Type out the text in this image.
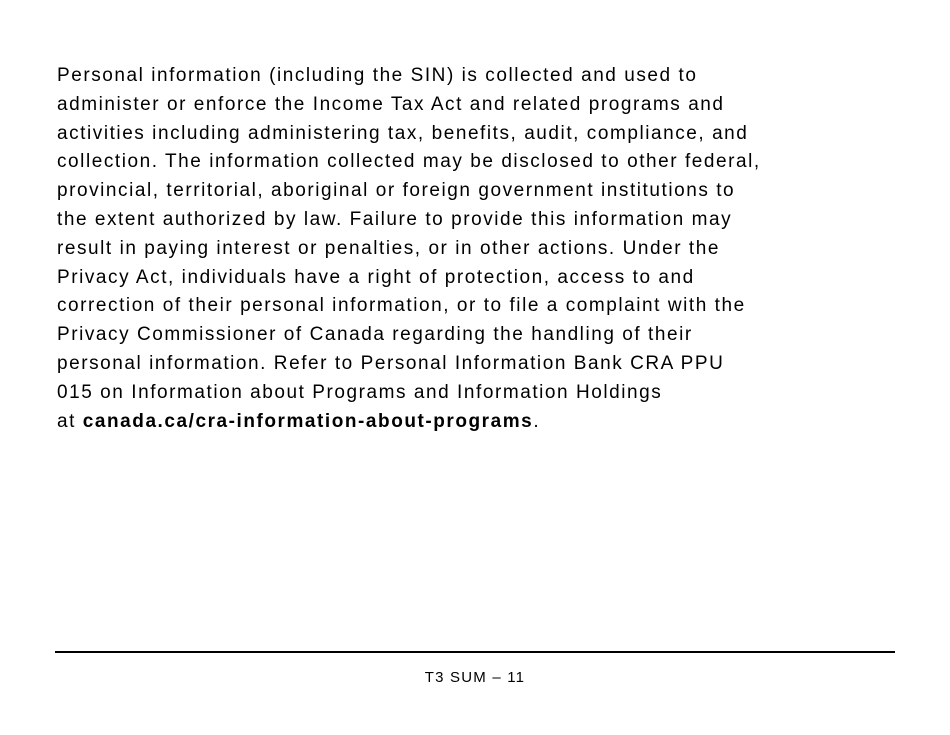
Personal information (including the SIN) is collected and used to
administer or enforce the Income Tax Act and related programs and
activities including administering tax, benefits, audit, compliance, and
collection. The information collected may be disclosed to other federal,
provincial, territorial, aboriginal or foreign government institutions to
the extent authorized by law. Failure to provide this information may
result in paying interest or penalties, or in other actions. Under the
Privacy Act, individuals have a right of protection, access to and
correction of their personal information, or to file a complaint with the
Privacy Commissioner of Canada regarding the handling of their
personal information. Refer to Personal Information Bank CRA PPU
015 on Information about Programs and Information Holdings
at canada.ca/cra-information-about-programs.
T3 SUM – 11
